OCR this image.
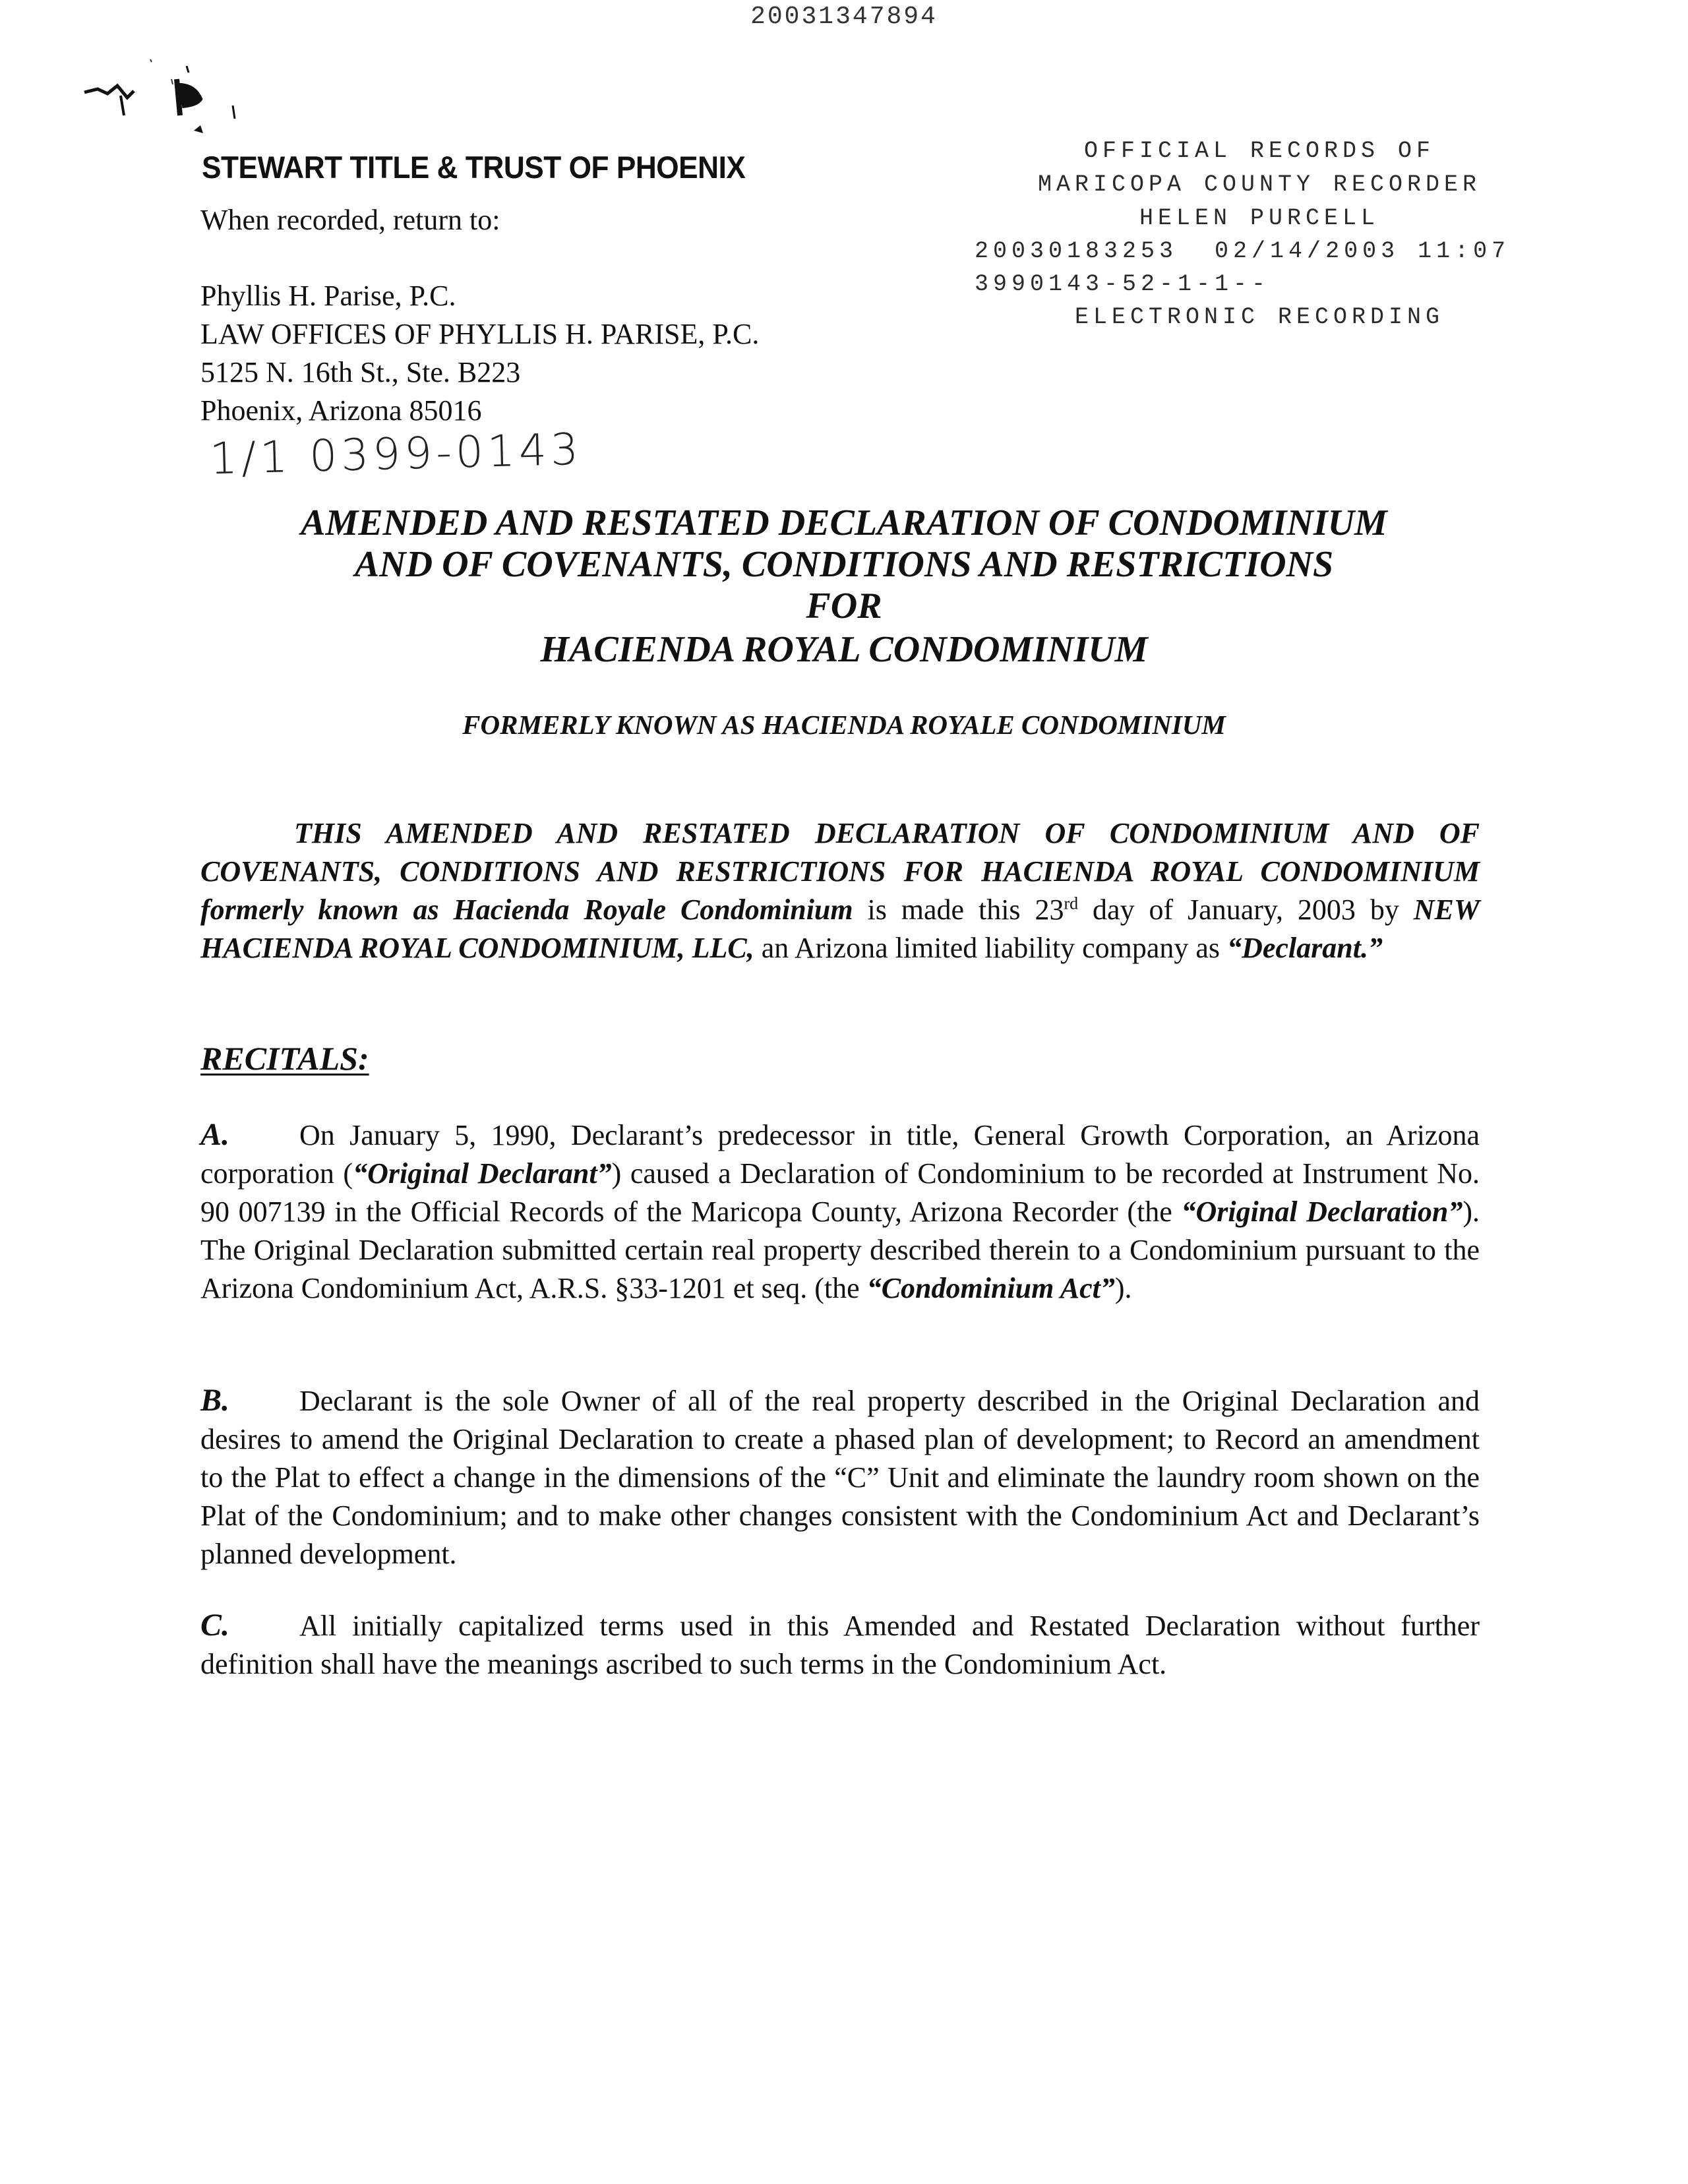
20031347894
STEWART TITLE & TRUST OF PHOENIX
When recorded, return to:
Phyllis H. Parise, P.C.
LAW OFFICES OF PHYLLIS H. PARISE, P.C.
5125 N. 16th St., Ste. B223
Phoenix, Arizona 85016
1/1 0399-0143
OFFICIAL RECORDS OF
MARICOPA COUNTY RECORDER
HELEN PURCELL
20030183253  02/14/2003 11:07
3990143-52-1-1--
ELECTRONIC RECORDING
AMENDED AND RESTATED DECLARATION OF CONDOMINIUM
AND OF COVENANTS, CONDITIONS AND RESTRICTIONS
FOR
HACIENDA ROYAL CONDOMINIUM
FORMERLY KNOWN AS HACIENDA ROYALE CONDOMINIUM
THIS AMENDED AND RESTATED DECLARATION OF CONDOMINIUM AND OF COVENANTS, CONDITIONS AND RESTRICTIONS FOR HACIENDA ROYAL CONDOMINIUM formerly known as Hacienda Royale Condominium is made this 23rd day of January, 2003 by NEW HACIENDA ROYAL CONDOMINIUM, LLC, an Arizona limited liability company as “Declarant.”
RECITALS:
A. On January 5, 1990, Declarant’s predecessor in title, General Growth Corporation, an Arizona corporation (“Original Declarant”) caused a Declaration of Condominium to be recorded at Instrument No. 90 007139 in the Official Records of the Maricopa County, Arizona Recorder (the “Original Declaration”). The Original Declaration submitted certain real property described therein to a Condominium pursuant to the Arizona Condominium Act, A.R.S. §33-1201 et seq. (the “Condominium Act”).
B. Declarant is the sole Owner of all of the real property described in the Original Declaration and desires to amend the Original Declaration to create a phased plan of development; to Record an amendment to the Plat to effect a change in the dimensions of the “C” Unit and eliminate the laundry room shown on the Plat of the Condominium; and to make other changes consistent with the Condominium Act and Declarant’s planned development.
C. All initially capitalized terms used in this Amended and Restated Declaration without further definition shall have the meanings ascribed to such terms in the Condominium Act.
